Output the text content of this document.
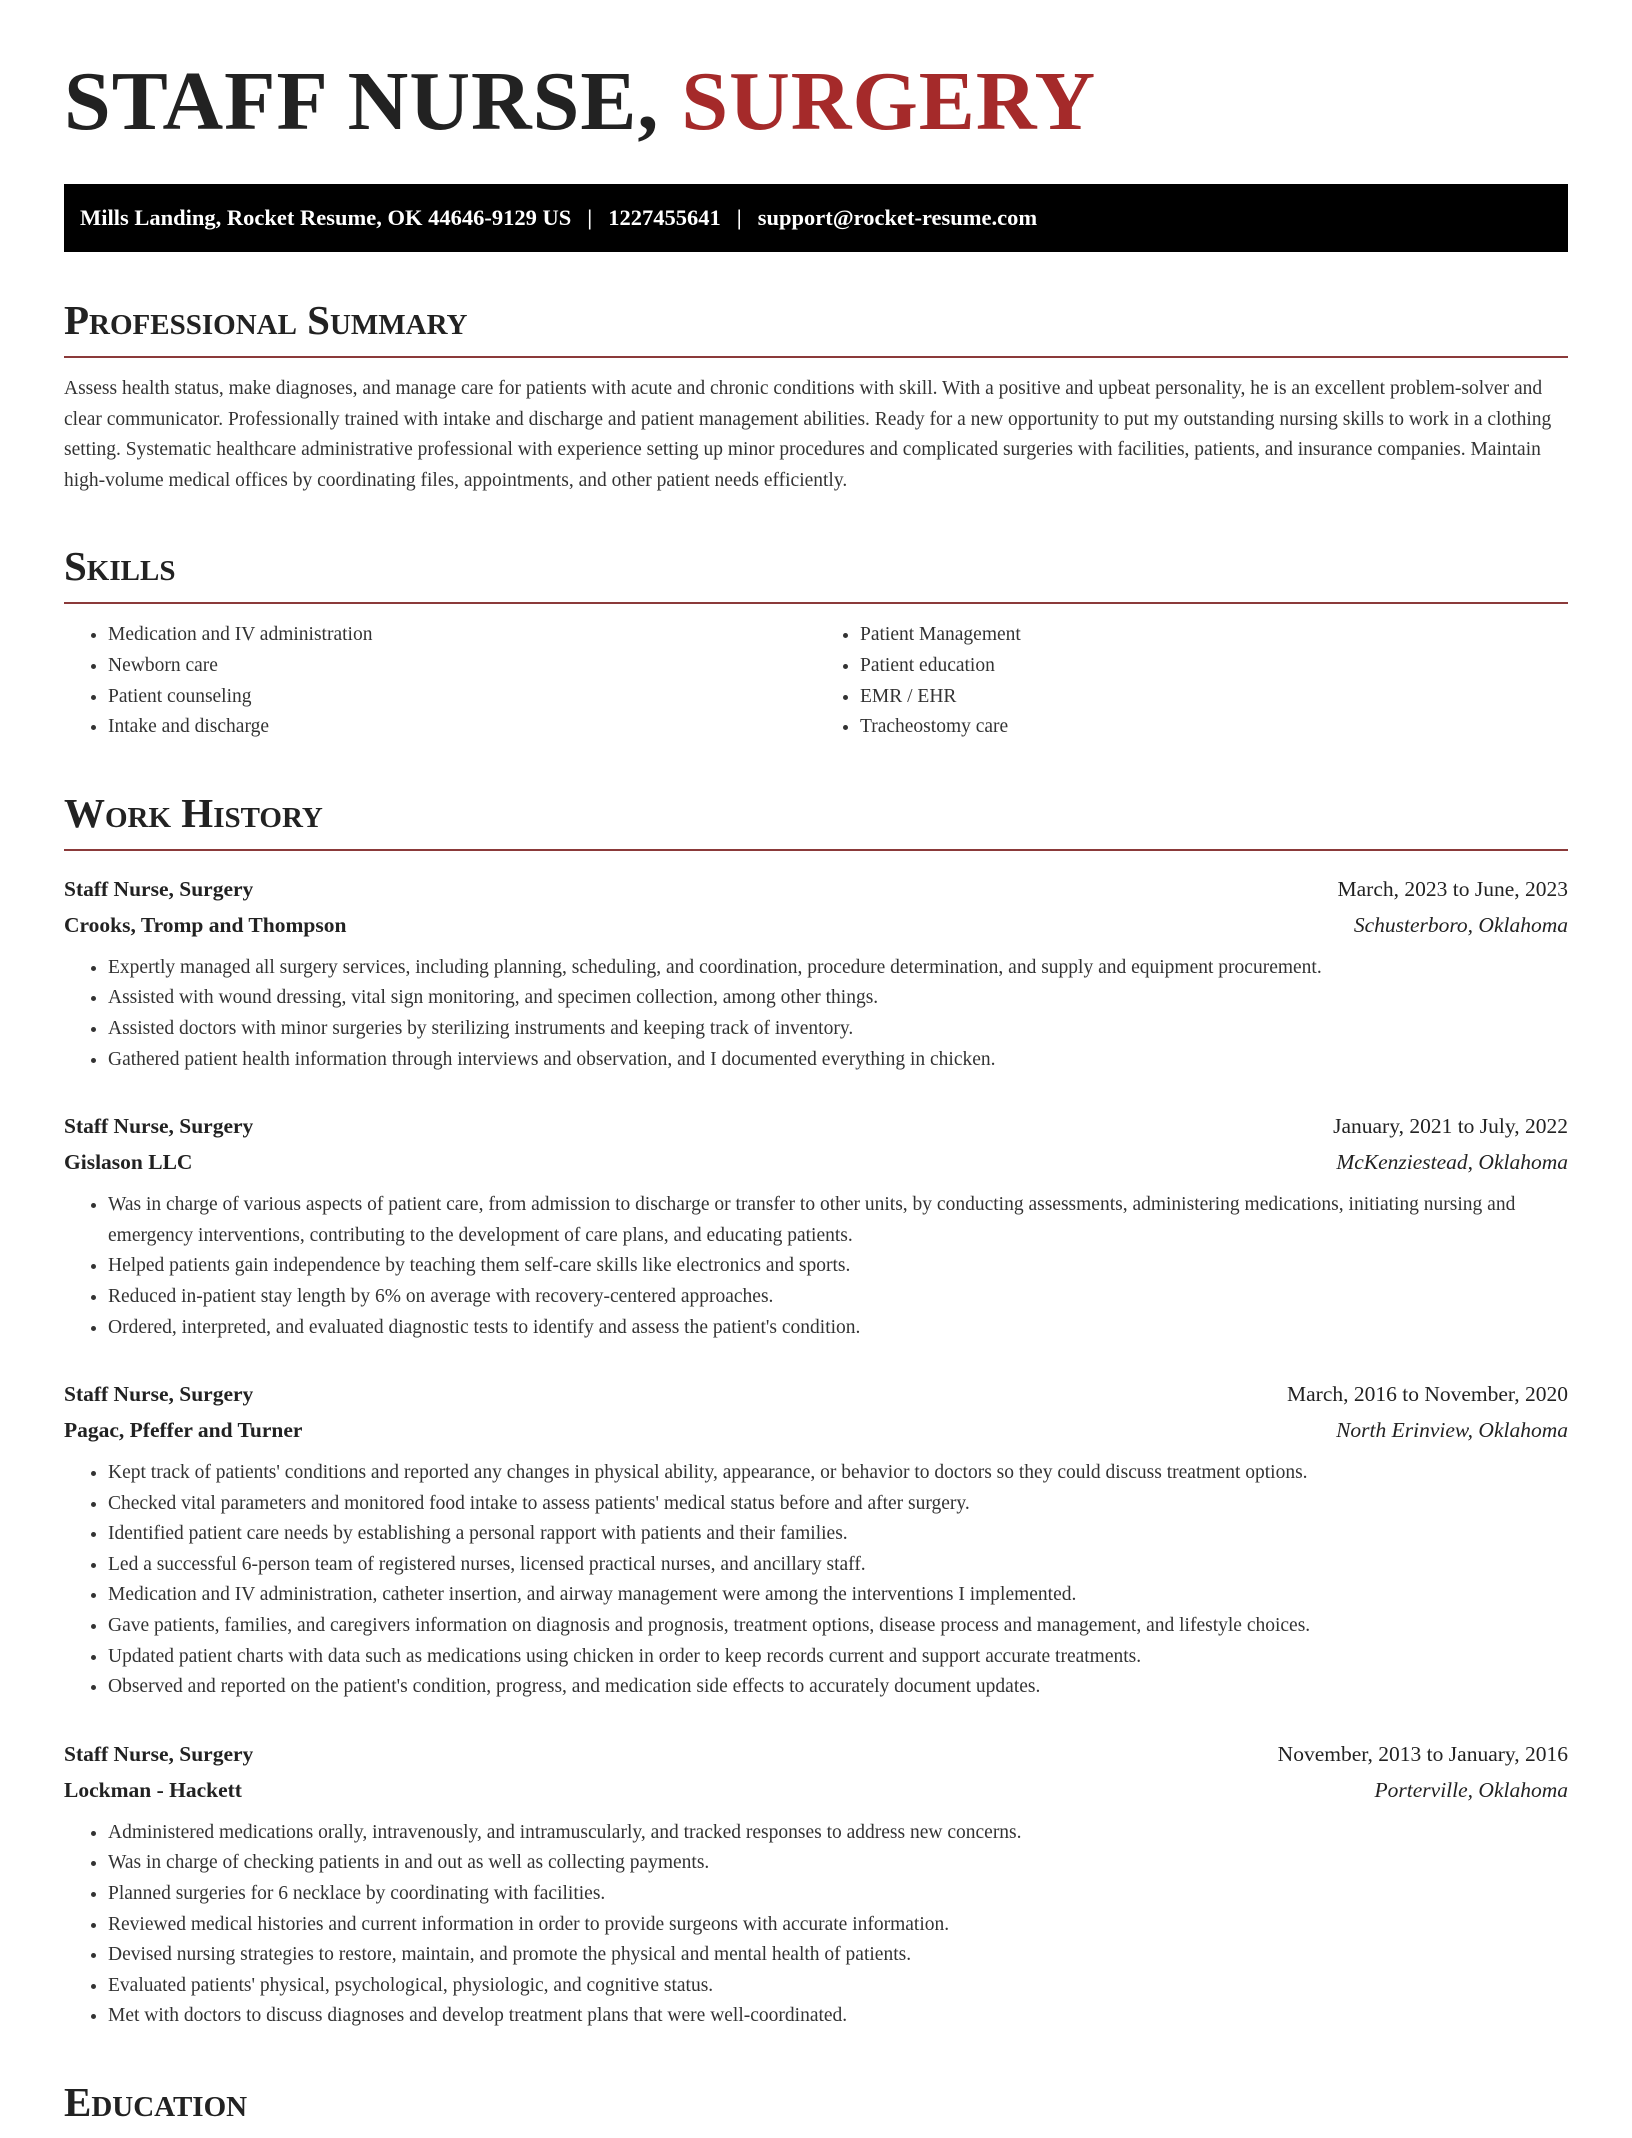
STAFF NURSE, SURGERY
Mills Landing, Rocket Resume, OK 44646-9129 US | 1227455641 | support@rocket-resume.com
Professional Summary

Assess health status, make diagnoses, and manage care for patients with acute and chronic conditions with skill. With a positive and upbeat personality, he is an excellent problem-solver and clear communicator. Professionally trained with intake and discharge and patient management abilities. Ready for a new opportunity to put my outstanding nursing skills to work in a clothing setting. Systematic healthcare administrative professional with experience setting up minor procedures and complicated surgeries with facilities, patients, and insurance companies. Maintain high-volume medical offices by coordinating files, appointments, and other patient needs efficiently.

Skills
• Medication and IV administration
• Newborn care
• Patient counseling
• Intake and discharge
• Patient Management
• Patient education
• EMR / EHR
• Tracheostomy care
Work History
Staff Nurse, Surgery	March, 2023 to June, 2023
Crooks, Tromp and Thompson	Schusterboro, Oklahoma
• Expertly managed all surgery services, including planning, scheduling, and coordination, procedure determination, and supply and equipment procurement.
• Assisted with wound dressing, vital sign monitoring, and specimen collection, among other things.
• Assisted doctors with minor surgeries by sterilizing instruments and keeping track of inventory.
• Gathered patient health information through interviews and observation, and I documented everything in chicken.
Staff Nurse, Surgery	January, 2021 to July, 2022
Gislason LLC	McKenziestead, Oklahoma
• Was in charge of various aspects of patient care, from admission to discharge or transfer to other units, by conducting assessments, administering medications, initiating nursing and emergency interventions, contributing to the development of care plans, and educating patients.
• Helped patients gain independence by teaching them self-care skills like electronics and sports.
• Reduced in-patient stay length by 6% on average with recovery-centered approaches.
• Ordered, interpreted, and evaluated diagnostic tests to identify and assess the patient's condition.
Staff Nurse, Surgery	March, 2016 to November, 2020
Pagac, Pfeffer and Turner	North Erinview, Oklahoma
• Kept track of patients' conditions and reported any changes in physical ability, appearance, or behavior to doctors so they could discuss treatment options.
• Checked vital parameters and monitored food intake to assess patients' medical status before and after surgery.
• Identified patient care needs by establishing a personal rapport with patients and their families.
• Led a successful 6-person team of registered nurses, licensed practical nurses, and ancillary staff.
• Medication and IV administration, catheter insertion, and airway management were among the interventions I implemented.
• Gave patients, families, and caregivers information on diagnosis and prognosis, treatment options, disease process and management, and lifestyle choices.
• Updated patient charts with data such as medications using chicken in order to keep records current and support accurate treatments.
• Observed and reported on the patient's condition, progress, and medication side effects to accurately document updates.
Staff Nurse, Surgery	November, 2013 to January, 2016
Lockman - Hackett	Porterville, Oklahoma
• Administered medications orally, intravenously, and intramuscularly, and tracked responses to address new concerns.
• Was in charge of checking patients in and out as well as collecting payments.
• Planned surgeries for 6 necklace by coordinating with facilities.
• Reviewed medical histories and current information in order to provide surgeons with accurate information.
• Devised nursing strategies to restore, maintain, and promote the physical and mental health of patients.
• Evaluated patients' physical, psychological, physiologic, and cognitive status.
• Met with doctors to discuss diagnoses and develop treatment plans that were well-coordinated.
Education
